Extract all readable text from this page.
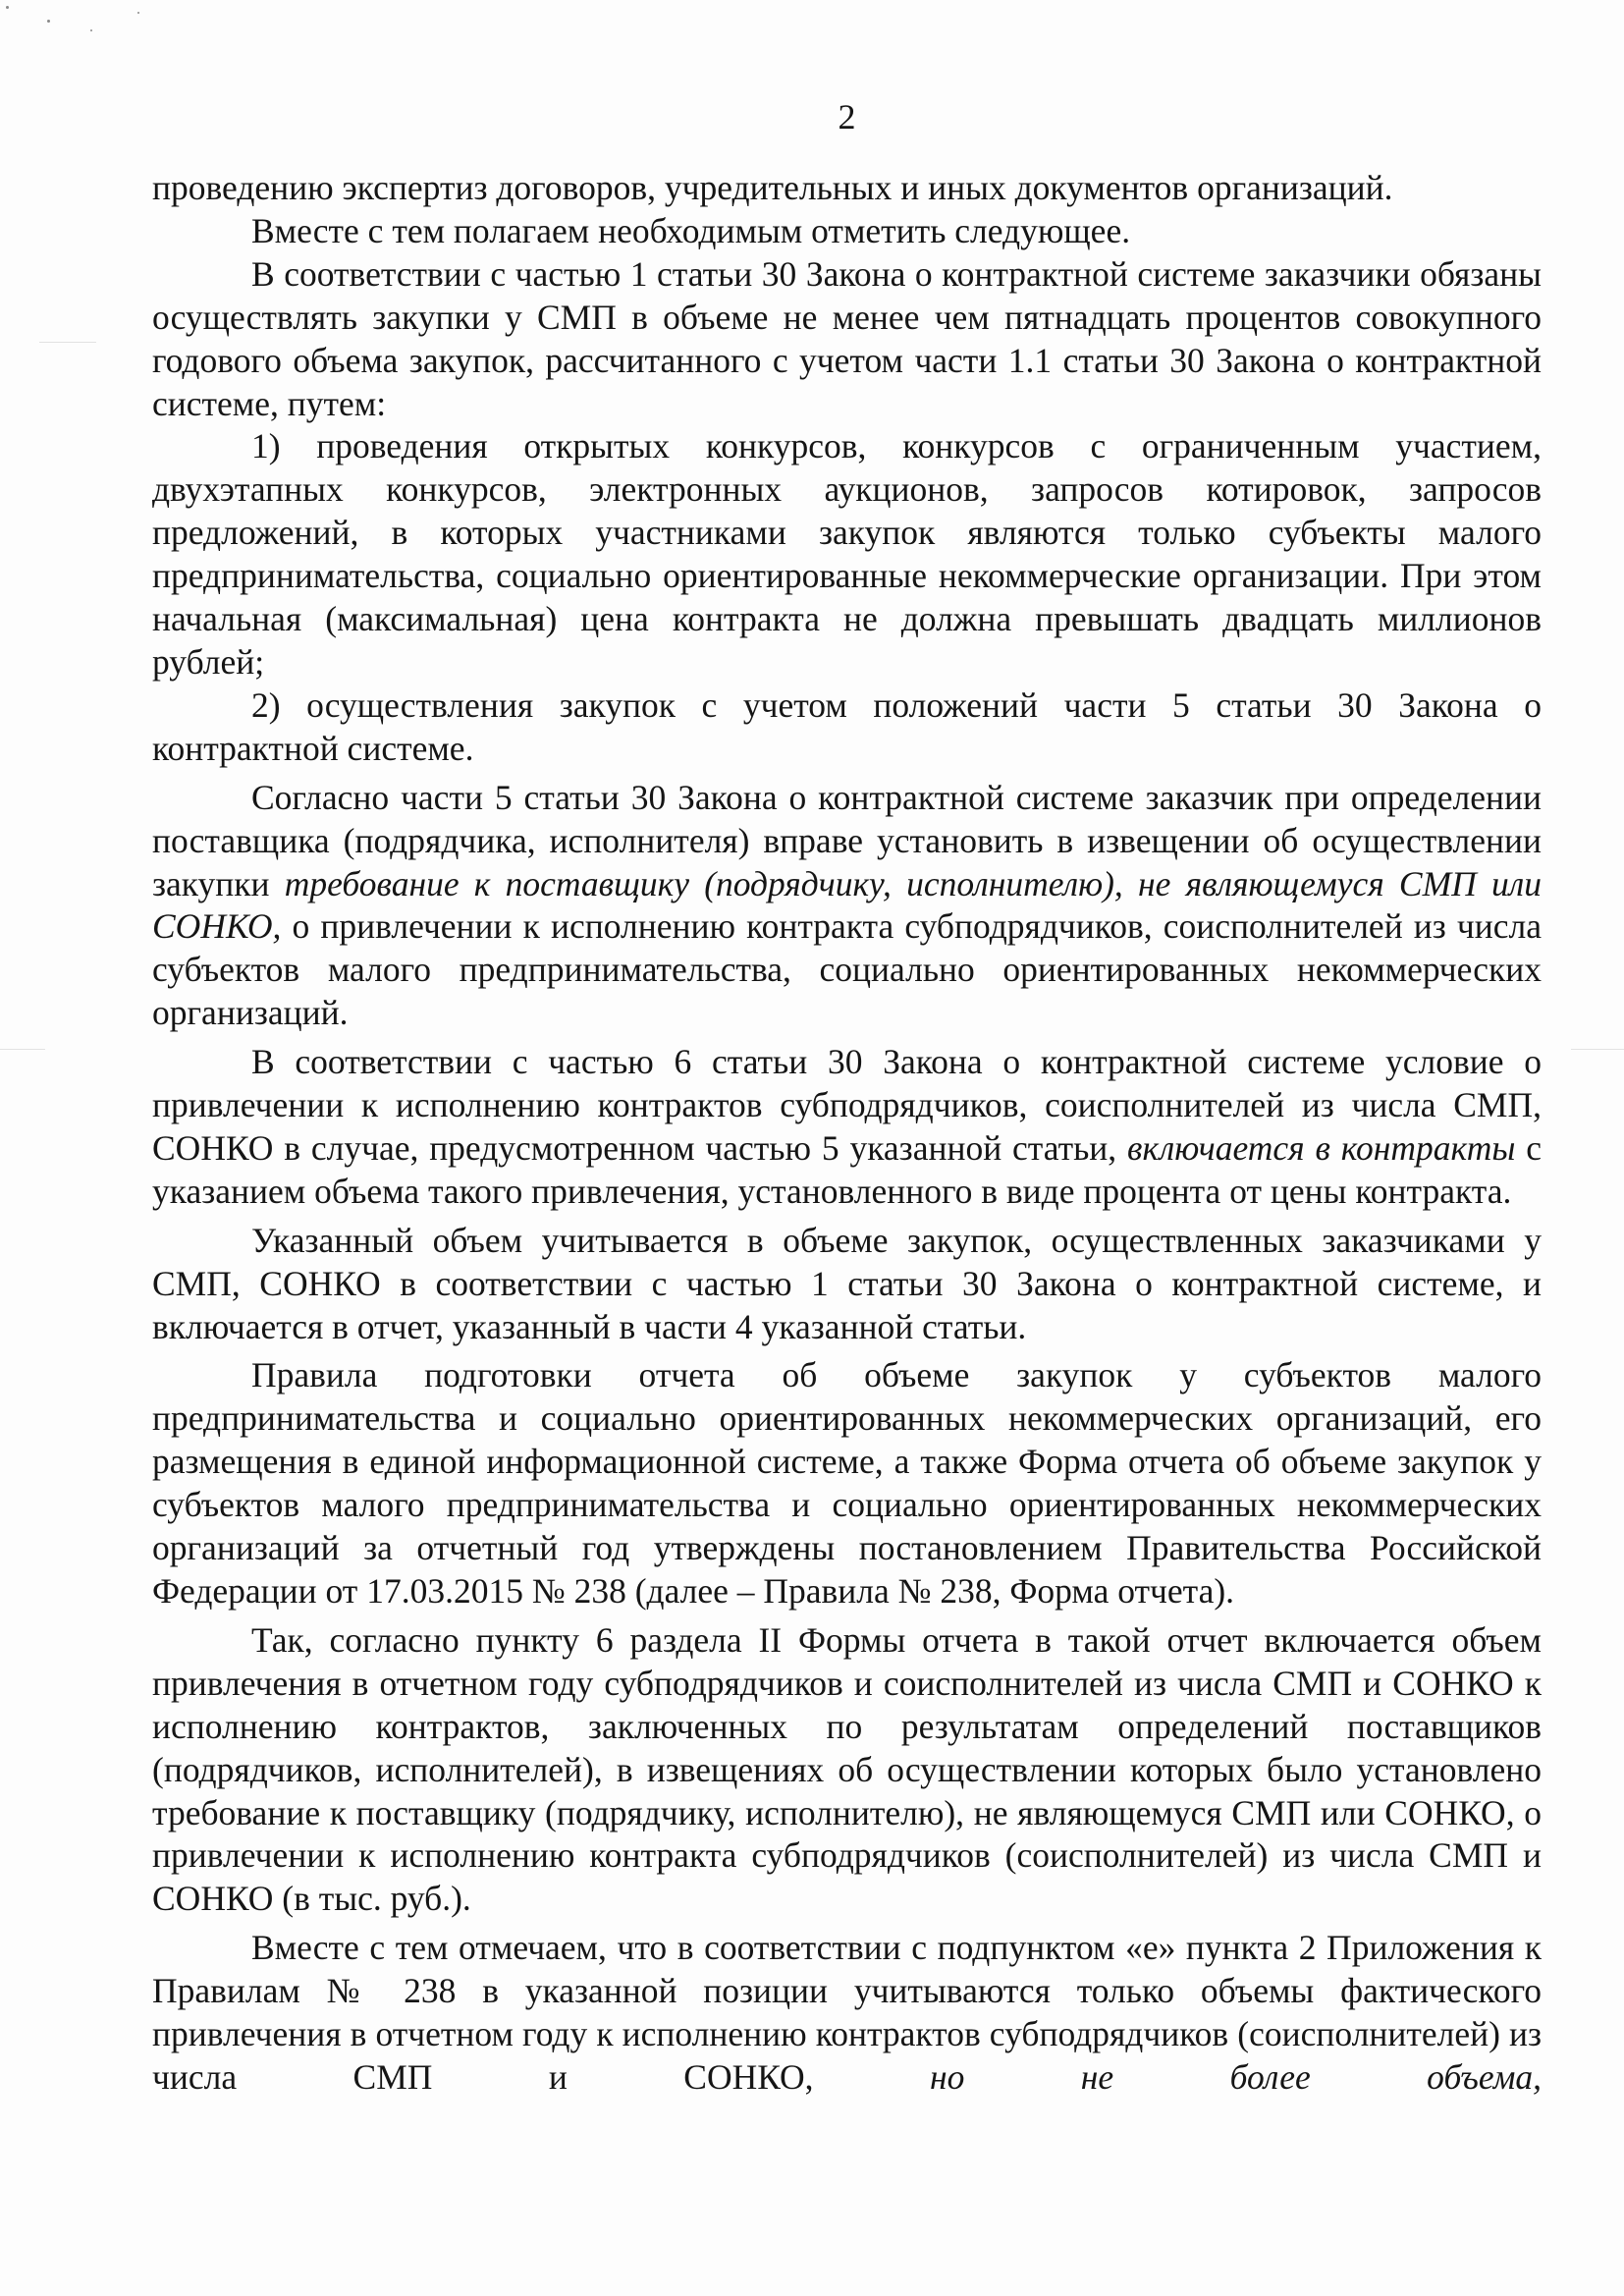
2

проведению экспертиз договоров, учредительных и иных документов организаций.

Вместе с тем полагаем необходимым отметить следующее.

В соответствии с частью 1 статьи 30 Закона о контрактной системе заказчики обязаны осуществлять закупки у СМП в объеме не менее чем пятнадцать процентов совокупного годового объема закупок, рассчитанного с учетом части 1.1 статьи 30 Закона о контрактной системе, путем:

1) проведения открытых конкурсов, конкурсов с ограниченным участием, двухэтапных конкурсов, электронных аукционов, запросов котировок, запросов предложений, в которых участниками закупок являются только субъекты малого предпринимательства, социально ориентированные некоммерческие организации. При этом начальная (максимальная) цена контракта не должна превышать двадцать миллионов рублей;

2) осуществления закупок с учетом положений части 5 статьи 30 Закона о контрактной системе.

Согласно части 5 статьи 30 Закона о контрактной системе заказчик при определении поставщика (подрядчика, исполнителя) вправе установить в извещении об осуществлении закупки требование к поставщику (подрядчику, исполнителю), не являющемуся СМП или СОНКО, о привлечении к исполнению контракта субподрядчиков, соисполнителей из числа субъектов малого предпринимательства, социально ориентированных некоммерческих организаций.

В соответствии с частью 6 статьи 30 Закона о контрактной системе условие о привлечении к исполнению контрактов субподрядчиков, соисполнителей из числа СМП, СОНКО в случае, предусмотренном частью 5 указанной статьи, включается в контракты с указанием объема такого привлечения, установленного в виде процента от цены контракта.

Указанный объем учитывается в объеме закупок, осуществленных заказчиками у СМП, СОНКО в соответствии с частью 1 статьи 30 Закона о контрактной системе, и включается в отчет, указанный в части 4 указанной статьи.

Правила подготовки отчета об объеме закупок у субъектов малого предпринимательства и социально ориентированных некоммерческих организаций, его размещения в единой информационной системе, а также Форма отчета об объеме закупок у субъектов малого предпринимательства и социально ориентированных некоммерческих организаций за отчетный год утверждены постановлением Правительства Российской Федерации от 17.03.2015 № 238 (далее – Правила № 238, Форма отчета).

Так, согласно пункту 6 раздела II Формы отчета в такой отчет включается объем привлечения в отчетном году субподрядчиков и соисполнителей из числа СМП и СОНКО к исполнению контрактов, заключенных по результатам определений поставщиков (подрядчиков, исполнителей), в извещениях об осуществлении которых было установлено требование к поставщику (подрядчику, исполнителю), не являющемуся СМП или СОНКО, о привлечении к исполнению контракта субподрядчиков (соисполнителей) из числа СМП и СОНКО (в тыс. руб.).

Вместе с тем отмечаем, что в соответствии с подпунктом «е» пункта 2 Приложения к Правилам № 238 в указанной позиции учитываются только объемы фактического привлечения в отчетном году к исполнению контрактов субподрядчиков (соисполнителей) из числа СМП и СОНКО, но не более объема,
